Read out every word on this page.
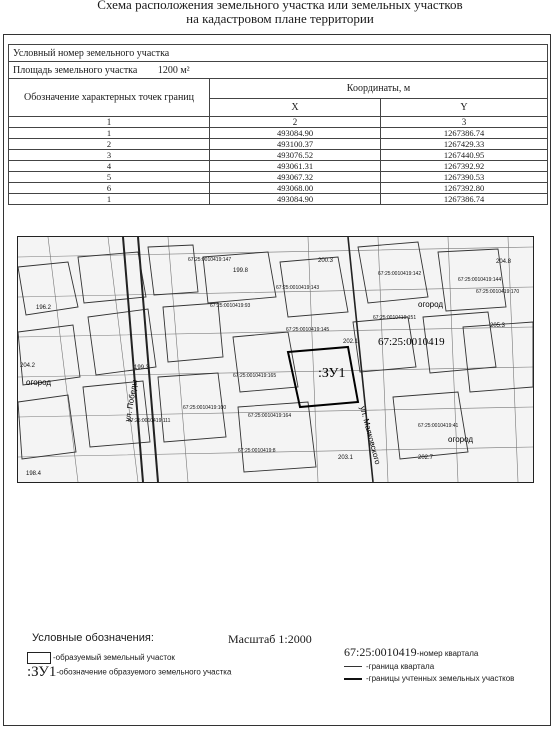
Схема расположения земельного участка или земельных участков
на кадастровом плане территории
Условный номер земельного участка
Площадь земельного участка 1200 м²
Обозначение характерных точек границ	Координаты, м	
	X	Y
1	2	3
1	493084.90	1267386.74
2	493100.37	1267429.33
3	493076.52	1267440.95
4	493061.31	1267392.92
5	493067.32	1267390.53
6	493068.00	1267392.80
1	493084.90	1267386.74
:ЗУ1
67:25:0010419
ул. Победы
ул. Маяковского
огород
огород
огород
67:25:0010419:147
67:25:0010419:143
67:25:0010419:151
67:25:0010419:93
67:25:0010419:145
67:25:0010419:165
67:25:0010419:100
67:25:0010419:164
67:25:0010419:8
67:25:0010419:142
67:25:0010419:144
67:25:0010419:111
67:25:0010419:170
67:25:0010419:41
199.8
200.3
196.2
199.3
202.1
203.1	202.7
198.4
204.8
205.3
204.2
Условные обозначения:	Масштаб 1:2000
-образуемый земельный участок
:ЗУ1-обозначение образуемого земельного участка
67:25:0010419-номер квартала
-граница квартала
-границы учтенных земельных участков
